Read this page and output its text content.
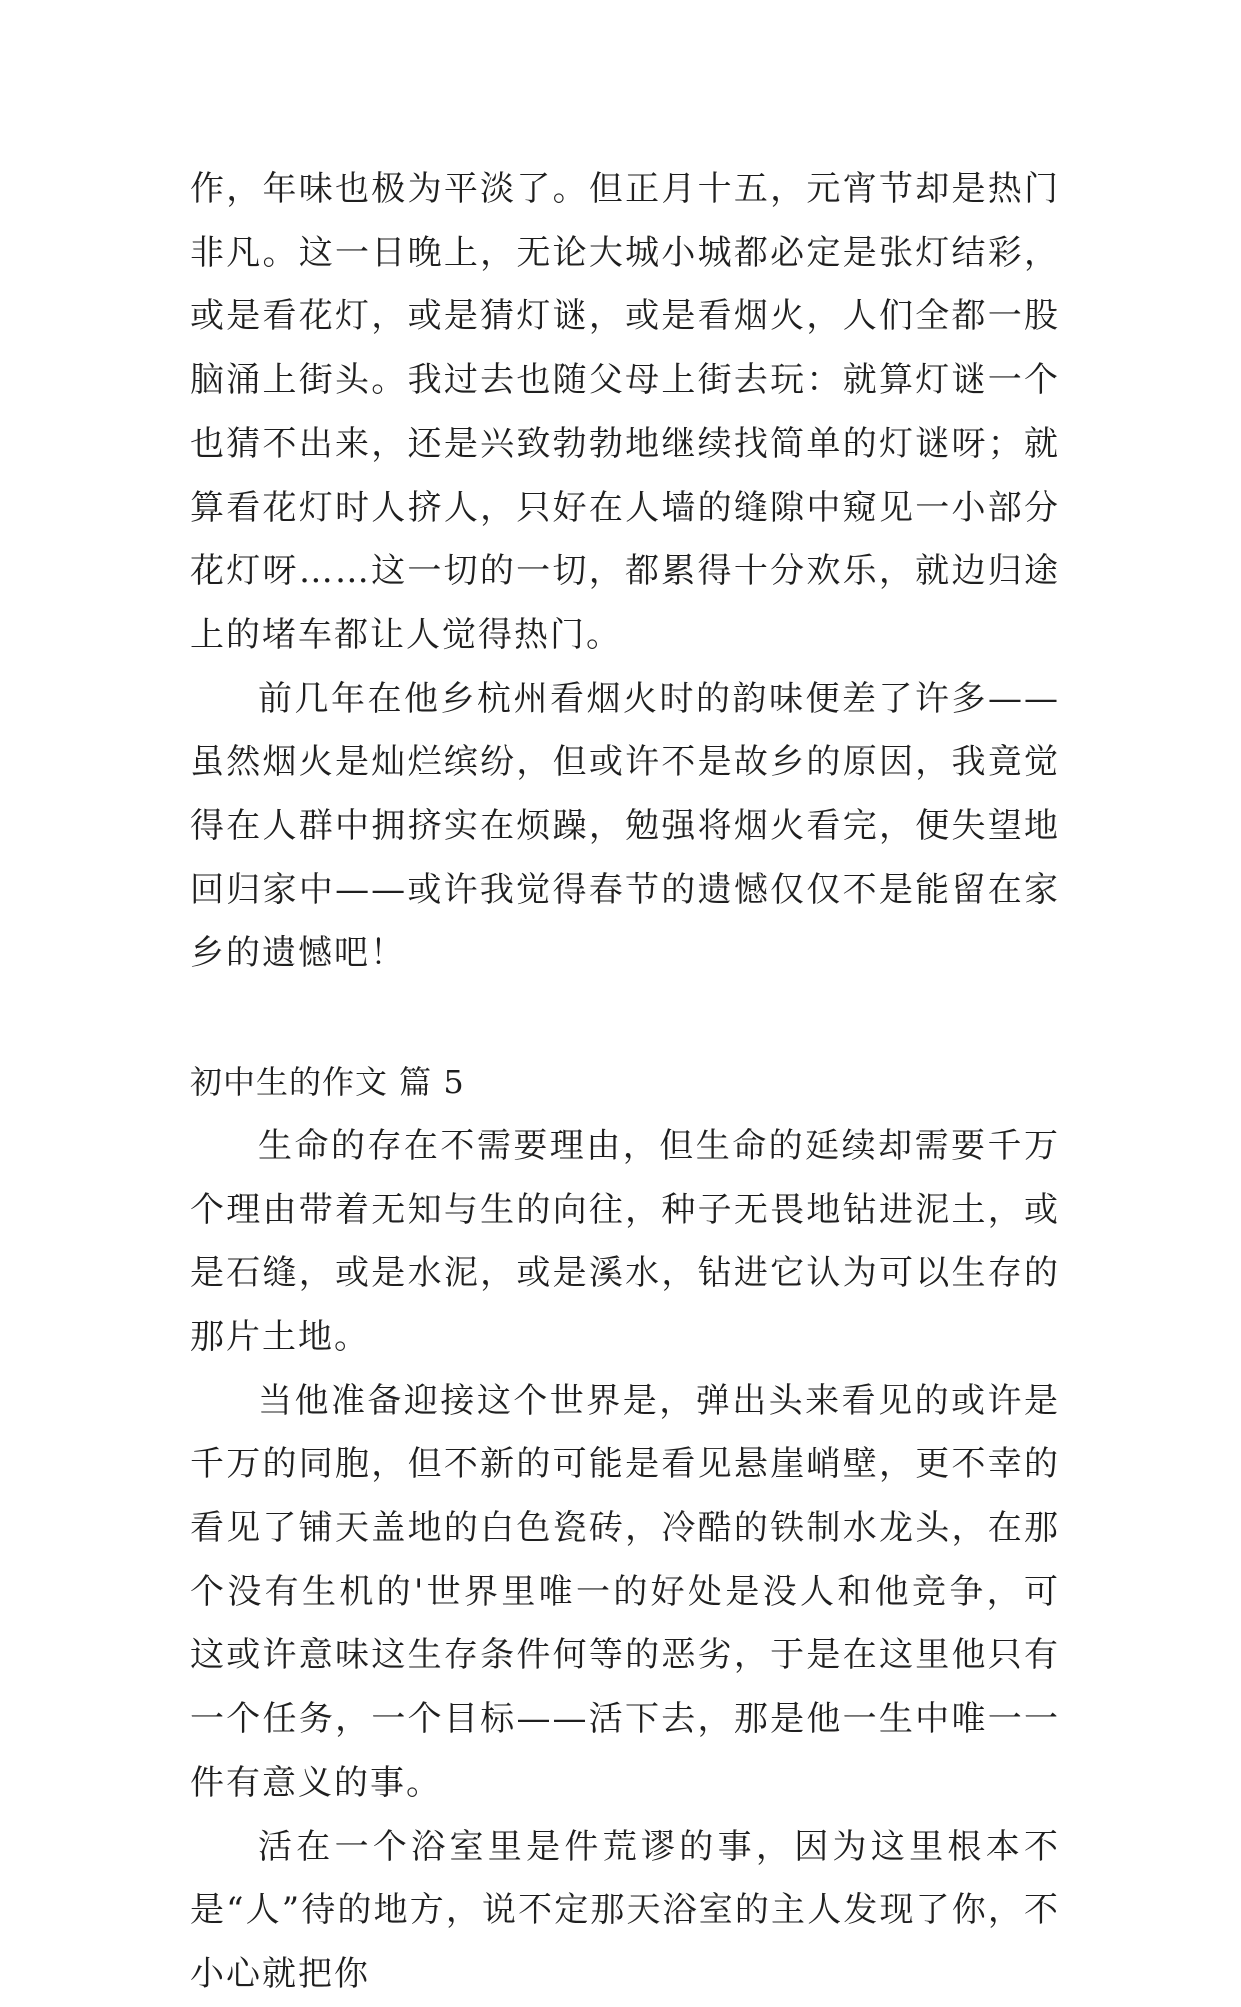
作，年味也极为平淡了。但正月十五，元宵节却是热门非凡。这一日晚上，无论大城小城都必定是张灯结彩，或是看花灯，或是猜灯谜，或是看烟火，人们全都一股脑涌上街头。我过去也随父母上街去玩：就算灯谜一个也猜不出来，还是兴致勃勃地继续找简单的灯谜呀；就算看花灯时人挤人，只好在人墙的缝隙中窥见一小部分花灯呀……这一切的一切，都累得十分欢乐，就边归途上的堵车都让人觉得热门。

前几年在他乡杭州看烟火时的韵味便差了许多——虽然烟火是灿烂缤纷，但或许不是故乡的原因，我竟觉得在人群中拥挤实在烦躁，勉强将烟火看完，便失望地回归家中——或许我觉得春节的遗憾仅仅不是能留在家乡的遗憾吧！

初中生的作文 篇 5

生命的存在不需要理由，但生命的延续却需要千万个理由带着无知与生的向往，种子无畏地钻进泥土，或是石缝，或是水泥，或是溪水，钻进它认为可以生存的那片土地。

当他准备迎接这个世界是，弹出头来看见的或许是千万的同胞，但不新的可能是看见悬崖峭壁，更不幸的看见了铺天盖地的白色瓷砖，冷酷的铁制水龙头，在那个没有生机的'世界里唯一的好处是没人和他竞争，可这或许意味这生存条件何等的恶劣，于是在这里他只有一个任务，一个目标——活下去，那是他一生中唯一一件有意义的事。

活在一个浴室里是件荒谬的事，因为这里根本不是“人”待的地方，说不定那天浴室的主人发现了你，不小心就把你
